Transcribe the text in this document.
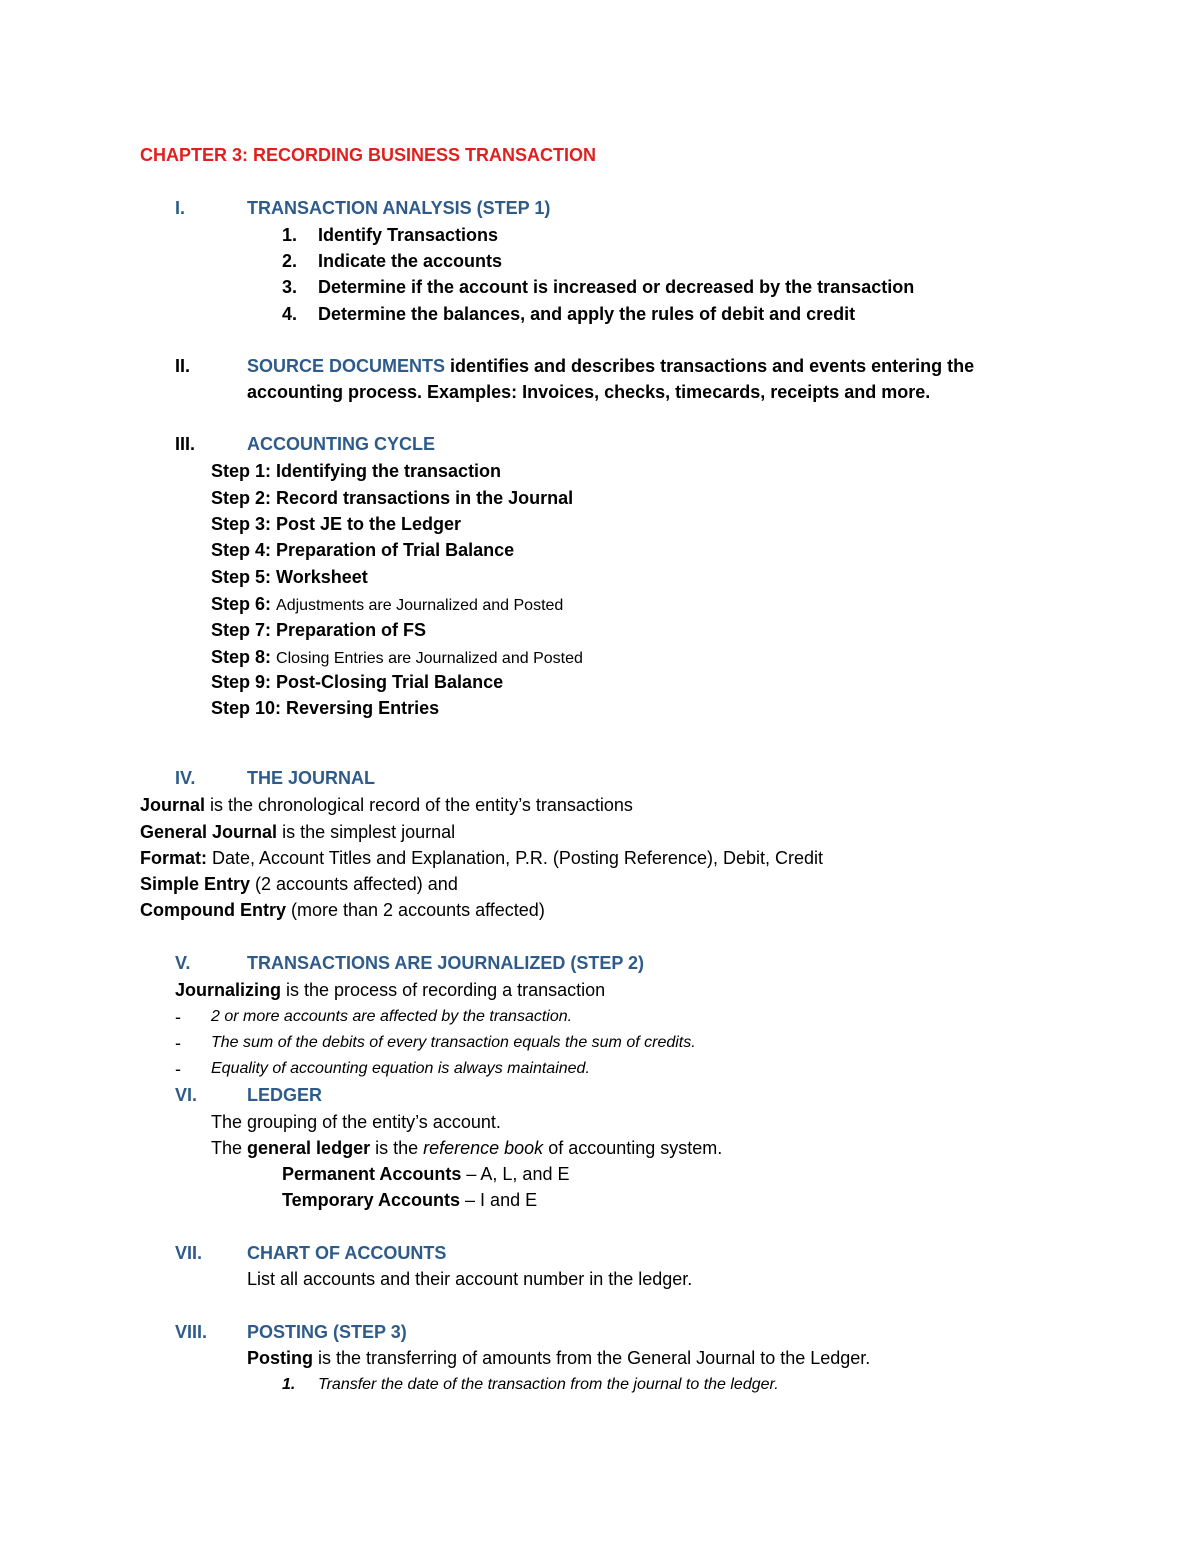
CHAPTER 3: RECORDING BUSINESS TRANSACTION
I.	TRANSACTION ANALYSIS (STEP 1)
1. Identify Transactions
2. Indicate the accounts
3. Determine if the account is increased or decreased by the transaction
4. Determine the balances, and apply the rules of debit and credit
II.	SOURCE DOCUMENTS identifies and describes transactions and events entering the
accounting process. Examples: Invoices, checks, timecards, receipts and more.
III.	ACCOUNTING CYCLE
Step 1: Identifying the transaction
Step 2: Record transactions in the Journal
Step 3: Post JE to the Ledger
Step 4: Preparation of Trial Balance
Step 5: Worksheet
Step 6: Adjustments are Journalized and Posted
Step 7: Preparation of FS
Step 8: Closing Entries are Journalized and Posted
Step 9: Post-Closing Trial Balance
Step 10: Reversing Entries
IV.	THE JOURNAL
Journal is the chronological record of the entity’s transactions
General Journal is the simplest journal
Format: Date, Account Titles and Explanation, P.R. (Posting Reference), Debit, Credit
Simple Entry (2 accounts affected) and
Compound Entry (more than 2 accounts affected)
V.	TRANSACTIONS ARE JOURNALIZED (STEP 2)
Journalizing is the process of recording a transaction
- 2 or more accounts are affected by the transaction.
- The sum of the debits of every transaction equals the sum of credits.
- Equality of accounting equation is always maintained.
VI.	LEDGER
The grouping of the entity’s account.
The general ledger is the reference book of accounting system.
Permanent Accounts – A, L, and E
Temporary Accounts – I and E
VII. CHART OF ACCOUNTS
List all accounts and their account number in the ledger.
VIII. POSTING (STEP 3)
Posting is the transferring of amounts from the General Journal to the Ledger.
1. Transfer the date of the transaction from the journal to the ledger.
